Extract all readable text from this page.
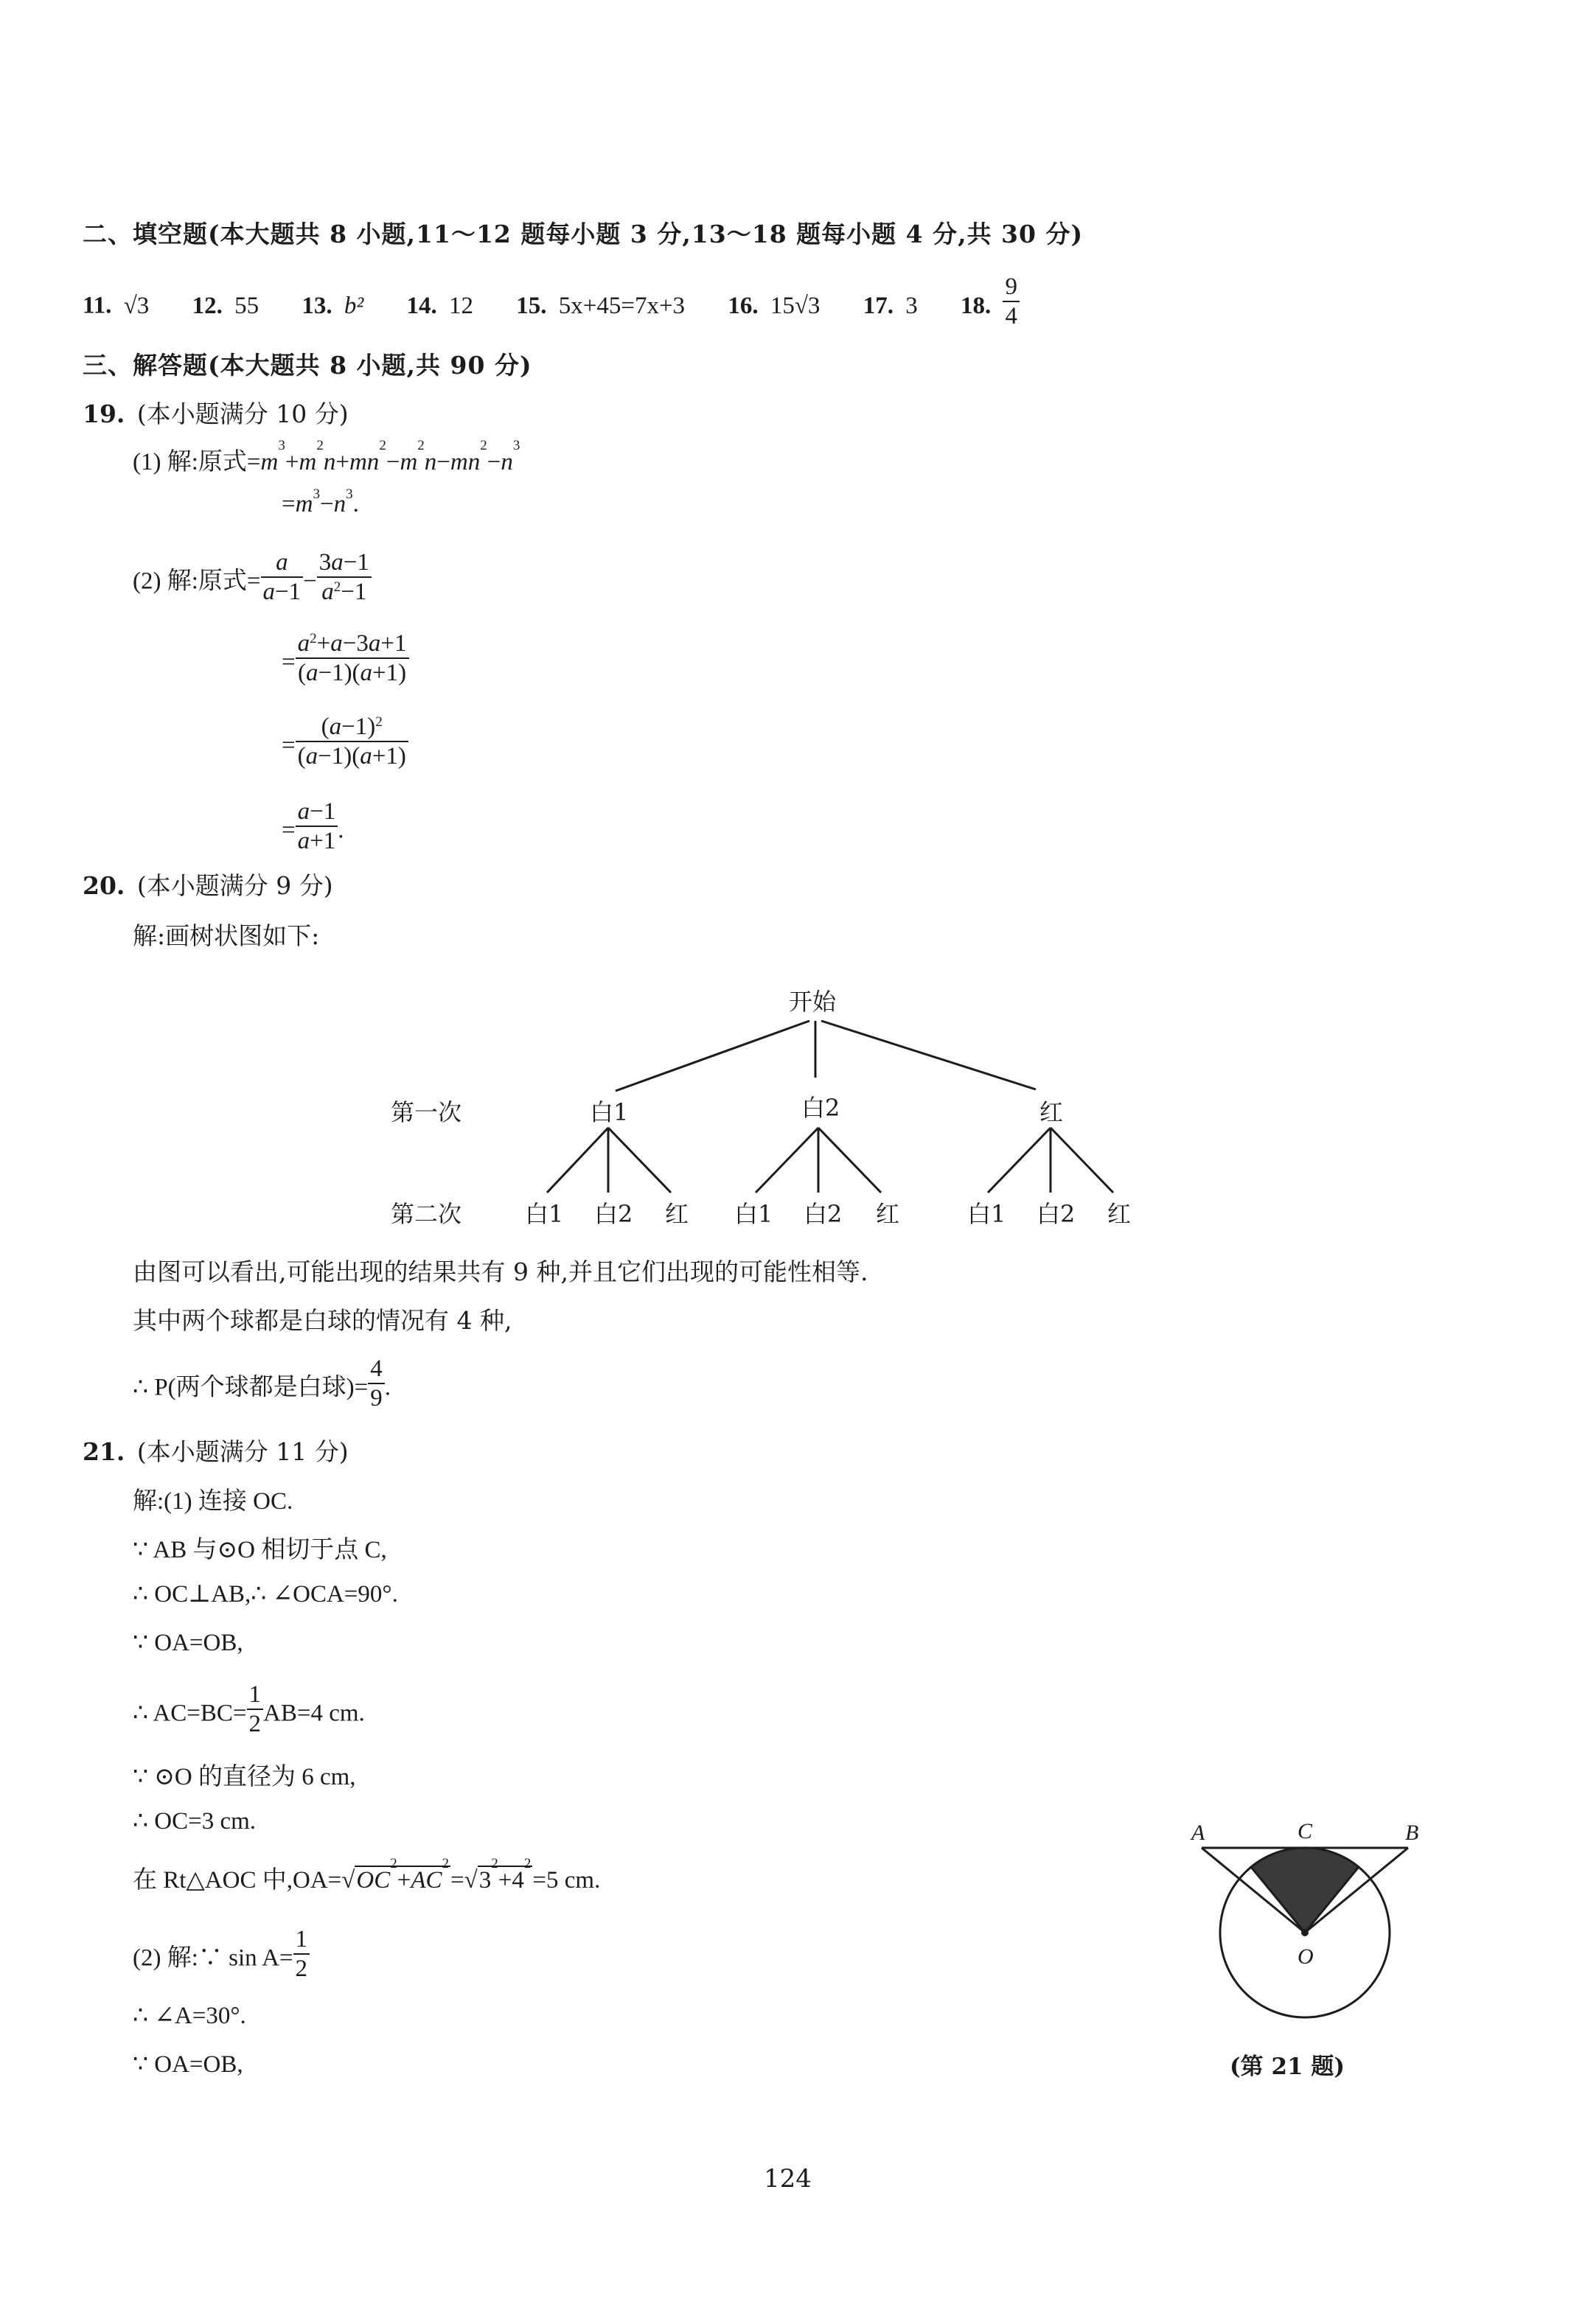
二、填空题(本大题共 8 小题,11～12 题每小题 3 分,13～18 题每小题 4 分,共 30 分)
11. √3 12. 55 13. b² 14. 12 15. 5x+45=7x+3 16. 15√3 17. 3 18. $\frac{9}{4}$
三、解答题(本大题共 8 小题,共 90 分)
19. (本小题满分 10 分)
(1) 解:原式$=m^3+m^2n+mn^2-m^2n-mn^2-n^3$
$=m^3-n^3$.
(2) 解:原式= $\frac{a}{a-1} - \frac{3a-1}{a^2-1}$
= $\frac{a^2+a-3a+1}{(a-1)(a+1)}$
= $\frac{(a-1)^2}{(a-1)(a+1)}$
= $\frac{a-1}{a+1}$ .
20. (本小题满分 9 分)
解:画树状图如下:
开始
第一次
第二次
白1	白2	红
白1 白2 红 白1 白2 红	白1 白2 红
由图可以看出,可能出现的结果共有 9 种,并且它们出现的可能性相等.
其中两个球都是白球的情况有 4 种,
∴ P(两个球都是白球)= $\frac{4}{9}$ .
21. (本小题满分 11 分)
解:(1) 连接 OC.
∵ AB 与⊙O 相切于点 C,
∴ OC⊥AB,∴ ∠OCA=90°.
∵ OA=OB,
∴ $AC=BC= \frac{1}{2} AB=4$ cm.
∵ ⊙O 的直径为 6 cm,
∴ OC=3 cm.
在 Rt△AOC 中$,OA=√OC^2+AC^2=√3^2+4^2=5$ cm.
(2) 解:∵ $\sin A= \frac{1}{2}$
∴ ∠A=30°.
∵ OA=OB,
A	C	B
O
(第 21 题)
124
